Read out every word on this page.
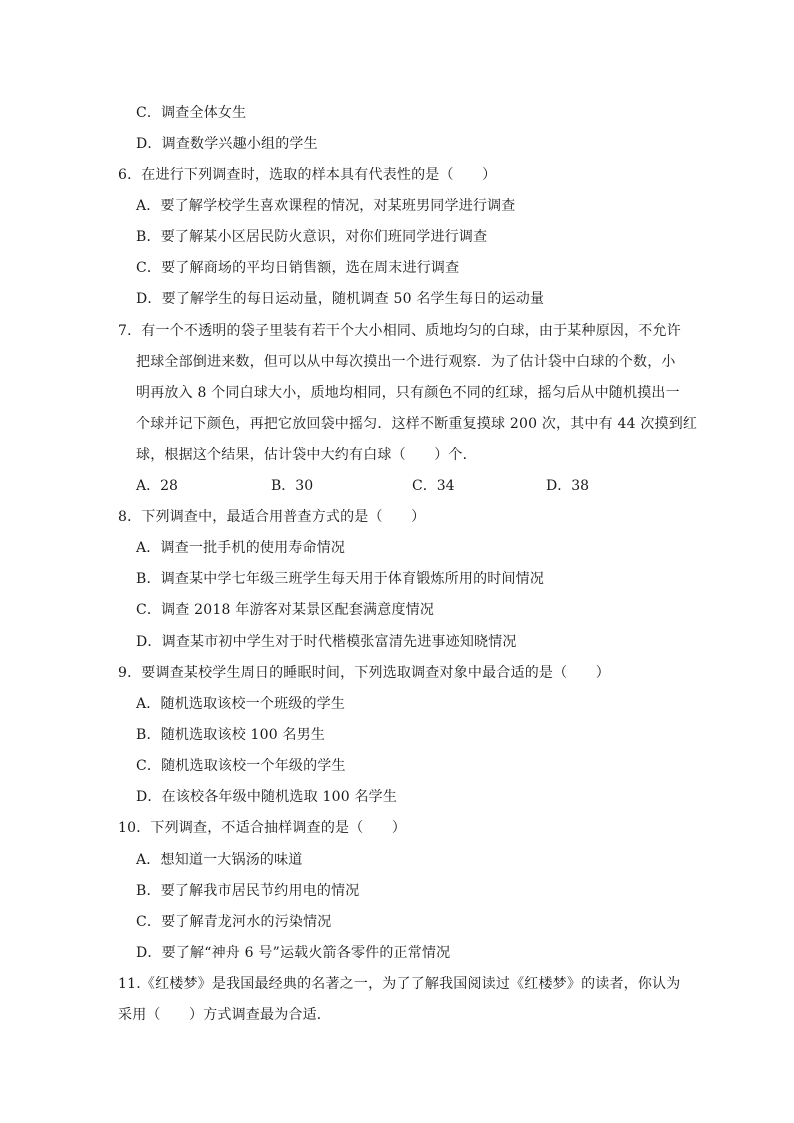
C．调查全体女生
D．调查数学兴趣小组的学生
6．在进行下列调查时，选取的样本具有代表性的是（　　）
A．要了解学校学生喜欢课程的情况，对某班男同学进行调查
B．要了解某小区居民防火意识，对你们班同学进行调查
C．要了解商场的平均日销售额，选在周末进行调查
D．要了解学生的每日运动量，随机调查 50 名学生每日的运动量
7．有一个不透明的袋子里装有若干个大小相同、质地均匀的白球，由于某种原因，不允许
把球全部倒进来数，但可以从中每次摸出一个进行观察．为了估计袋中白球的个数，小
明再放入 8 个同白球大小，质地均相同，只有颜色不同的红球，摇匀后从中随机摸出一
个球并记下颜色，再把它放回袋中摇匀．这样不断重复摸球 200 次，其中有 44 次摸到红
球，根据这个结果，估计袋中大约有白球（　　）个．
A．28	B．30	C．34	D．38
8．下列调查中，最适合用普查方式的是（　　）
A．调查一批手机的使用寿命情况
B．调查某中学七年级三班学生每天用于体育锻炼所用的时间情况
C．调查 2018 年游客对某景区配套满意度情况
D．调查某市初中学生对于时代楷模张富清先进事迹知晓情况
9．要调查某校学生周日的睡眠时间，下列选取调查对象中最合适的是（　　）
A．随机选取该校一个班级的学生
B．随机选取该校 100 名男生
C．随机选取该校一个年级的学生
D．在该校各年级中随机选取 100 名学生
10．下列调查，不适合抽样调查的是（　　）
A．想知道一大锅汤的味道
B．要了解我市居民节约用电的情况
C．要了解青龙河水的污染情况
D．要了解“神舟 6 号”运载火箭各零件的正常情况
11.《红楼梦》是我国最经典的名著之一，为了了解我国阅读过《红楼梦》的读者，你认为
采用（　　）方式调查最为合适．
